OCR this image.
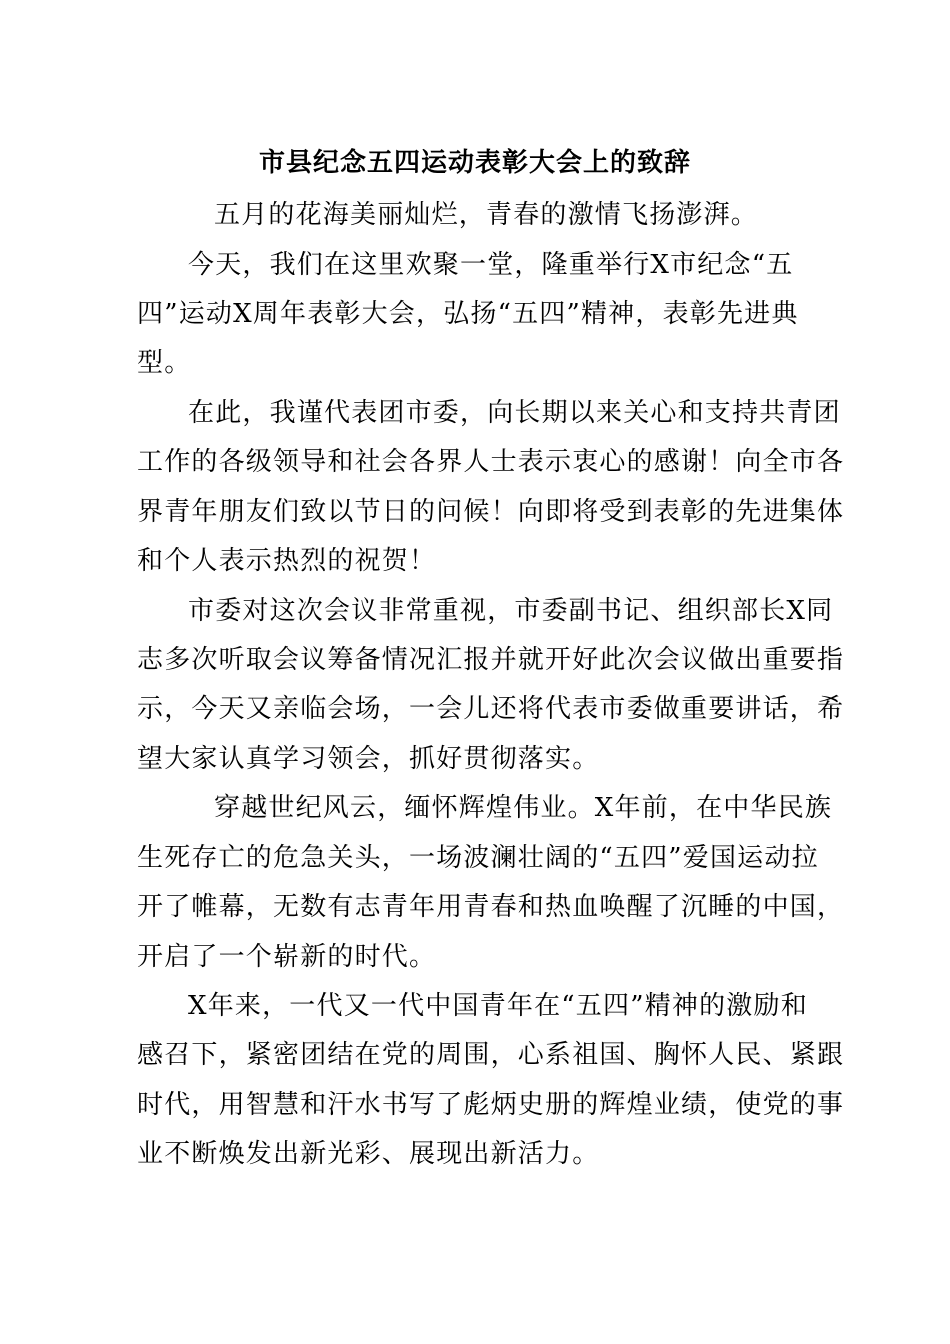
市县纪念五四运动表彰大会上的致辞
五月的花海美丽灿烂，青春的激情飞扬澎湃。
今天，我们在这里欢聚一堂，隆重举行X市纪念“五
四”运动X周年表彰大会，弘扬“五四”精神，表彰先进典
型。
在此，我谨代表团市委，向长期以来关心和支持共青团
工作的各级领导和社会各界人士表示衷心的感谢！向全市各
界青年朋友们致以节日的问候！向即将受到表彰的先进集体
和个人表示热烈的祝贺！
市委对这次会议非常重视，市委副书记、组织部长X同
志多次听取会议筹备情况汇报并就开好此次会议做出重要指
示，今天又亲临会场，一会儿还将代表市委做重要讲话，希
望大家认真学习领会，抓好贯彻落实。
穿越世纪风云，缅怀辉煌伟业。X年前，在中华民族
生死存亡的危急关头，一场波澜壮阔的“五四”爱国运动拉
开了帷幕，无数有志青年用青春和热血唤醒了沉睡的中国，
开启了一个崭新的时代。
X年来，一代又一代中国青年在“五四”精神的激励和
感召下，紧密团结在党的周围，心系祖国、胸怀人民、紧跟
时代，用智慧和汗水书写了彪炳史册的辉煌业绩，使党的事
业不断焕发出新光彩、展现出新活力。
